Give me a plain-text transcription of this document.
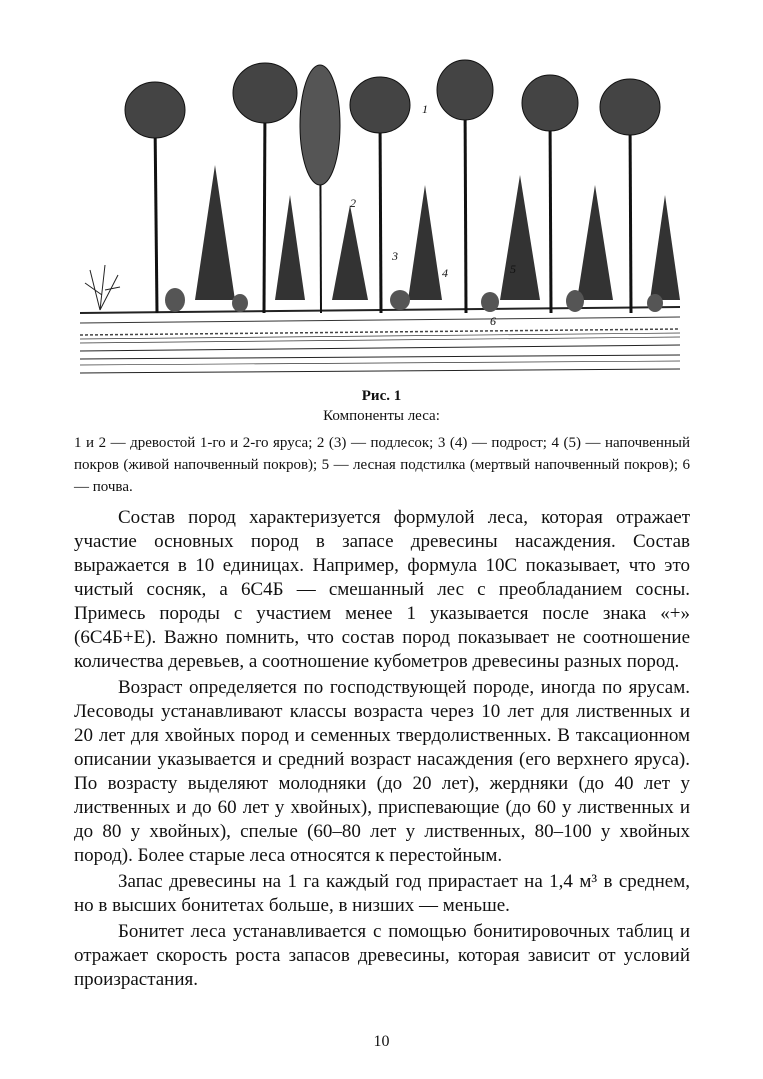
1
2
3
4	5
6
Рис. 1
Компоненты леса:

1 и 2 — древостой 1-го и 2-го яруса; 2 (3) — подлесок; 3 (4) — подрост; 4 (5) — напочвенный покров (живой напочвенный покров); 5 — лесная подстилка (мертвый напочвенный покров); 6 — почва.

Состав пород характеризуется формулой леса, которая отражает участие основных пород в запасе древесины насаждения. Состав выражается в 10 единицах. Например, формула 10С показывает, что это чистый сосняк, а 6С4Б — смешанный лес с преобладанием сосны. Примесь породы с участием менее 1 указывается после знака «+» (6С4Б+Е). Важно помнить, что состав пород показывает не соотношение количества деревьев, а соотношение кубометров древесины разных пород.

Возраст определяется по господствующей породе, иногда по ярусам. Лесоводы устанавливают классы возраста через 10 лет для лиственных и 20 лет для хвойных пород и семенных твердолиственных. В таксационном описании указывается и средний возраст насаждения (его верхнего яруса). По возрасту выделяют молодняки (до 20 лет), жердняки (до 40 лет у лиственных и до 60 лет у хвойных), приспевающие (до 60 у лиственных и до 80 у хвойных), спелые (60–80 лет у лиственных, 80–100 у хвойных пород). Более старые леса относятся к перестойным.

Запас древесины на 1 га каждый год прирастает на 1,4 м³ в среднем, но в высших бонитетах больше, в низших — меньше.

Бонитет леса устанавливается с помощью бонитировочных таблиц и отражает скорость роста запасов древесины, которая зависит от условий произрастания.

10
